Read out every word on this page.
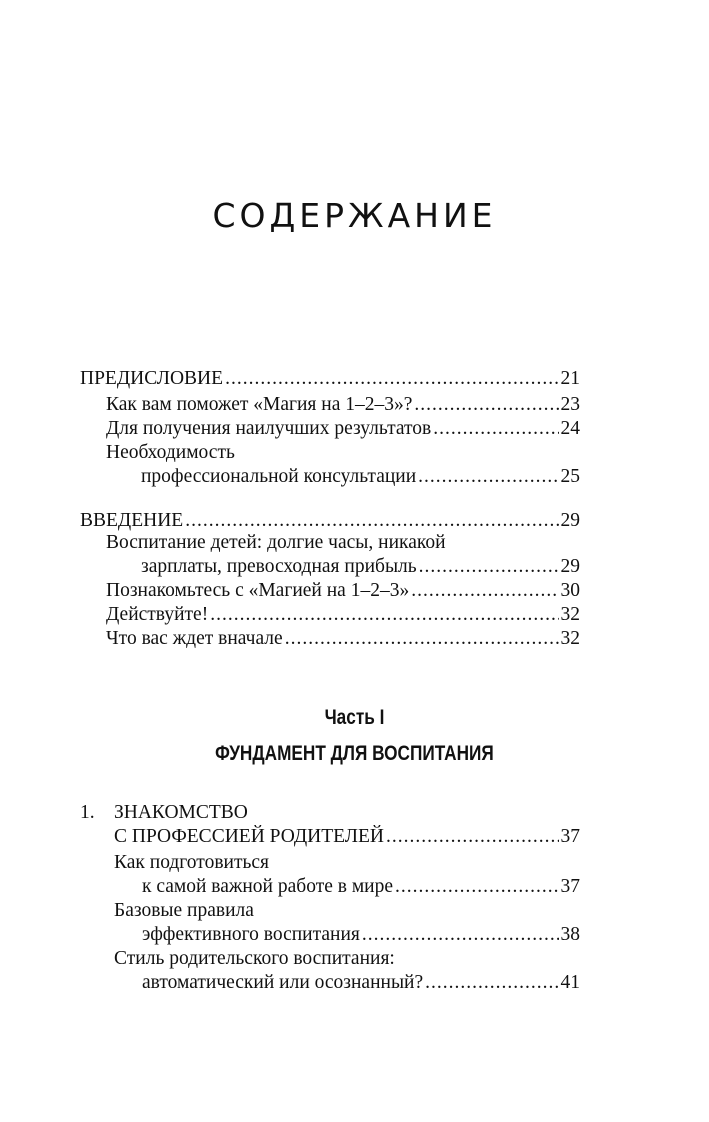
СОДЕРЖАНИЕ
ПРЕДИСЛОВИЕ .....	21
Как вам поможет «Магия на 1–2–3»? .....	23
Для получения наилучших результатов .....	24
Необходимость
профессиональной консультации .....	25
ВВЕДЕНИЕ .....	29
Воспитание детей: долгие часы, никакой
зарплаты, превосходная прибыль .....	29
Познакомьтесь с «Магией на 1–2–3» .....	30
Действуйте! .....	32
Что вас ждет вначале .....	32
Часть I
ФУНДАМЕНТ ДЛЯ ВОСПИТАНИЯ
1. ЗНАКОМСТВО
С ПРОФЕССИЕЙ РОДИТЕЛЕЙ .....	37
Как подготовиться
к самой важной работе в мире .....	37
Базовые правила
эффективного воспитания .....	38
Стиль родительского воспитания:
автоматический или осознанный? .....	41
